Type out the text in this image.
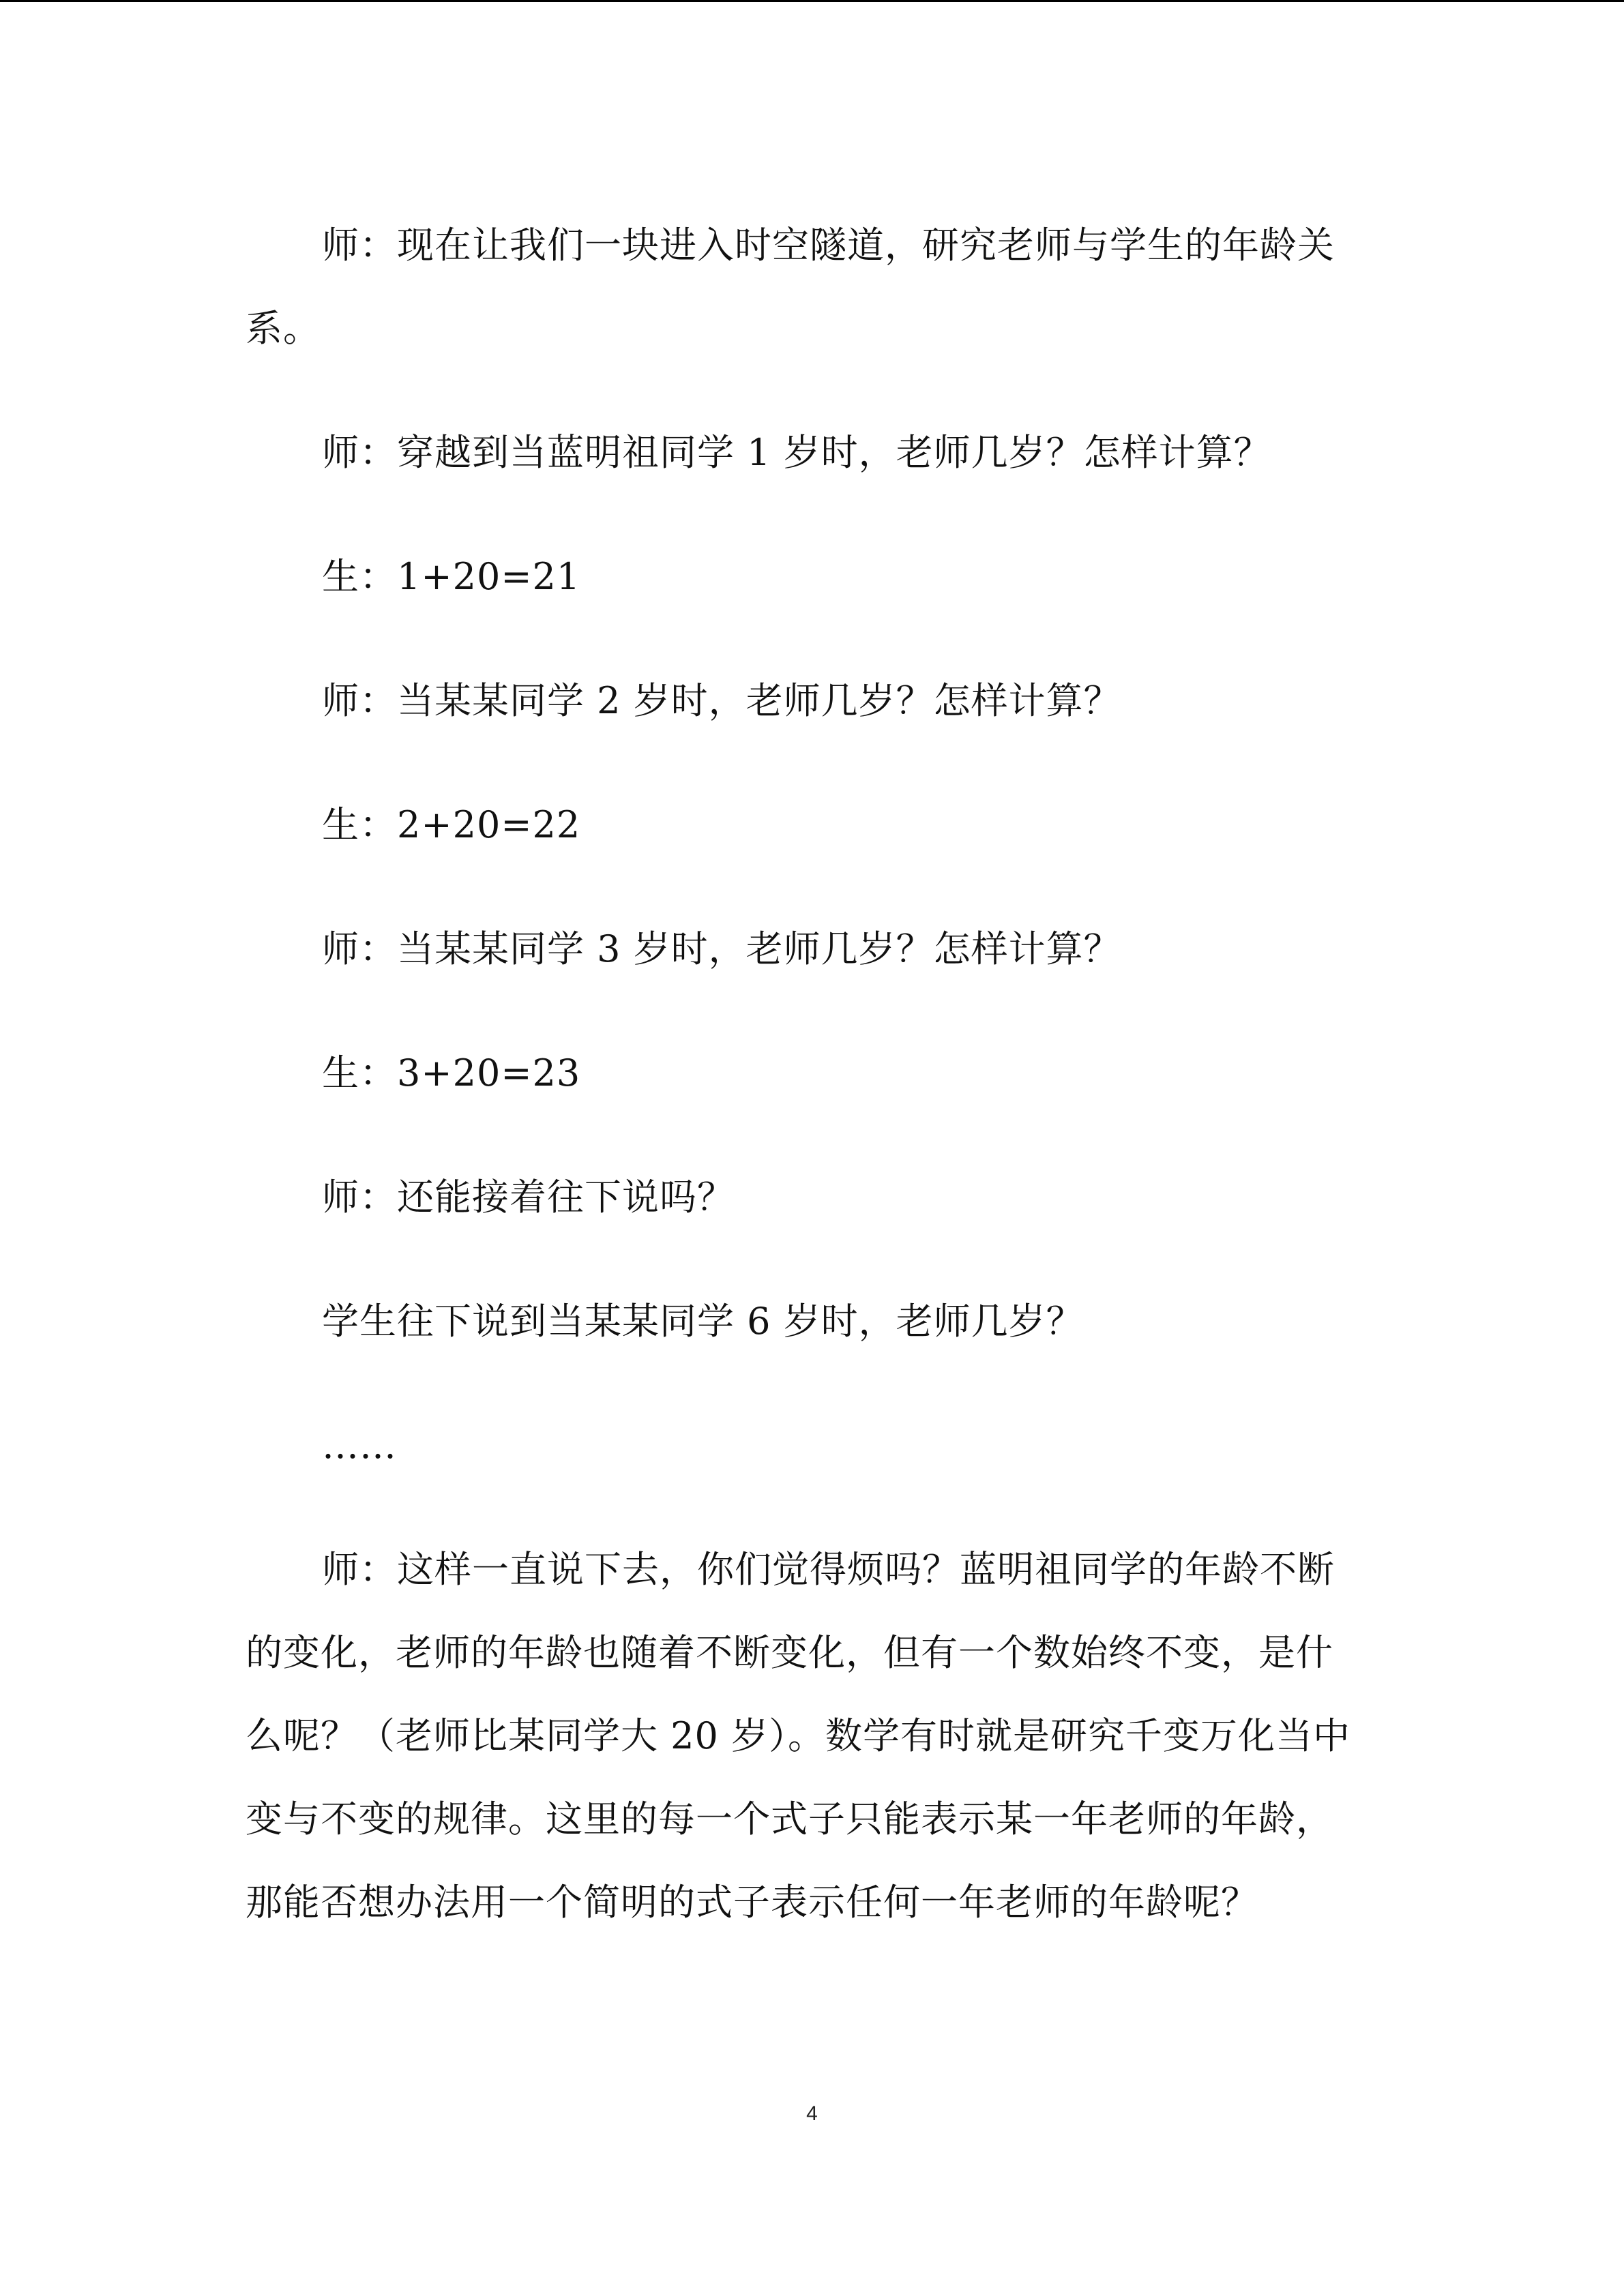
师：现在让我们一块进入时空隧道，研究老师与学生的年龄关
系。

师：穿越到当蓝明祖同学 1 岁时，老师几岁？怎样计算？

生：1+20=21

师：当某某同学 2 岁时，老师几岁？怎样计算？

生：2+20=22

师：当某某同学 3 岁时，老师几岁？怎样计算？

生：3+20=23

师：还能接着往下说吗？

学生往下说到当某某同学 6 岁时，老师几岁？

……

师：这样一直说下去，你们觉得烦吗？蓝明祖同学的年龄不断
的变化，老师的年龄也随着不断变化，但有一个数始终不变，是什
么呢？（老师比某同学大 20 岁）。数学有时就是研究千变万化当中
变与不变的规律。这里的每一个式子只能表示某一年老师的年龄，
那能否想办法用一个简明的式子表示任何一年老师的年龄呢？

4
